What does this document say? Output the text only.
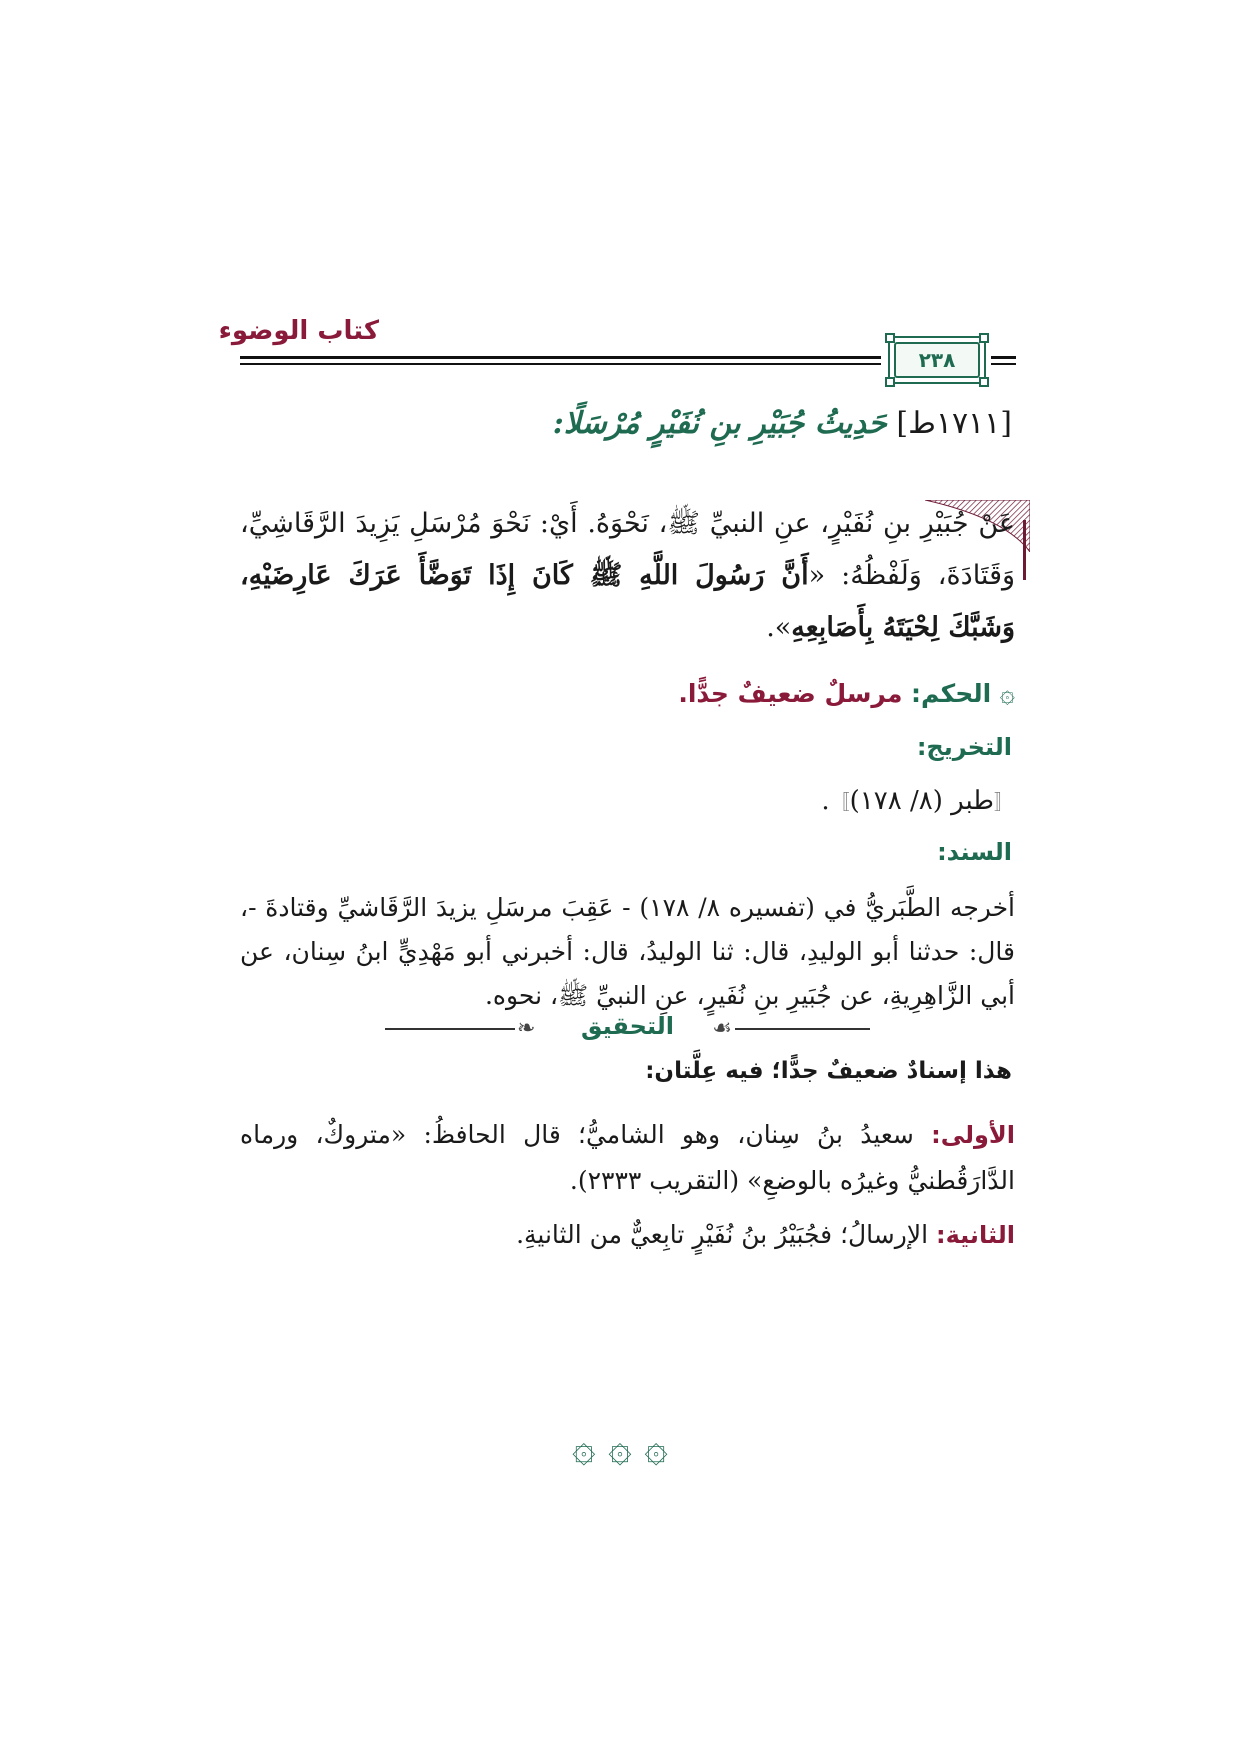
كتاب الوضوء
٢٣٨
[١٧١١ط] حَدِيثُ جُبَيْرِ بنِ نُفَيْرٍ مُرْسَلًا:

عَنْ جُبَيْرِ بنِ نُفَيْرٍ، عنِ النبيِّ ﷺ، نَحْوَهُ. أَيْ: نَحْوَ مُرْسَلِ يَزِيدَ الرَّقَاشِيِّ، وَقَتَادَةَ، وَلَفْظُهُ: «أَنَّ رَسُولَ اللَّهِ ﷺ كَانَ إِذَا تَوَضَّأَ عَرَكَ عَارِضَيْهِ، وَشَبَّكَ لِحْيَتَهُ بِأَصَابِعِهِ».

۞ الحكم: مرسلٌ ضعيفٌ جدًّا.

التخريج:

〚طبر (٨/ ١٧٨)〛.

السند:

أخرجه الطَّبَريُّ في (تفسيره ٨/ ١٧٨) - عَقِبَ مرسَلِ يزيدَ الرَّقَاشيِّ وقتادةَ -، قال: حدثنا أبو الوليدِ، قال: ثنا الوليدُ، قال: أخبرني أبو مَهْدِيٍّ ابنُ سِنان، عن أبي الزَّاهِرِيةِ، عن جُبَيرِ بنِ نُفَيرٍ، عنِ النبيِّ ﷺ، نحوه.

❧	☙
التحقيق

هذا إسنادٌ ضعيفٌ جدًّا؛ فيه عِلَّتان:

الأولى: سعيدُ بنُ سِنان، وهو الشاميُّ؛ قال الحافظُ: «متروكٌ، ورماه الدَّارَقُطنيُّ وغيرُه بالوضعِ» (التقريب ٢٣٣٣).

الثانية: الإرسالُ؛ فجُبَيْرُ بنُ نُفَيْرٍ تابِعيٌّ من الثانيةِ.

۞ ۞ ۞
